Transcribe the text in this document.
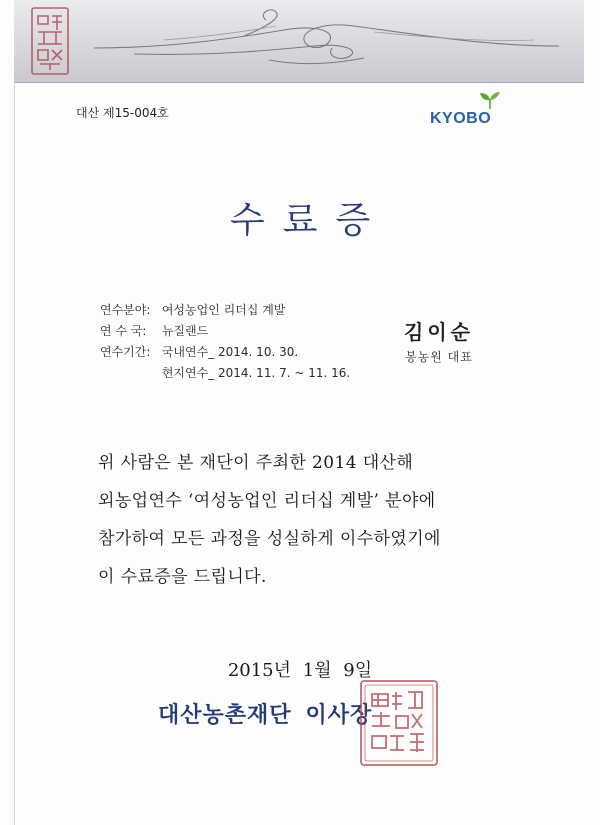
대산 제15-004호	KYOBO
수료증
연수분야: 여성농업인 리더십 계발
연 수 국: 뉴질랜드
연수기간: 국내연수_ 2014. 10. 30.
현지연수_ 2014. 11. 7. ~ 11. 16.
김이순
봉농원 대표

위 사람은 본 재단이 주최한 2014 대산해

외농업연수 ‘여성농업인 리더십 계발’ 분야에

참가하여 모든 과정을 성실하게 이수하였기에

이 수료증을 드립니다.

2015년 1월 9일
대산농촌재단 이사장
